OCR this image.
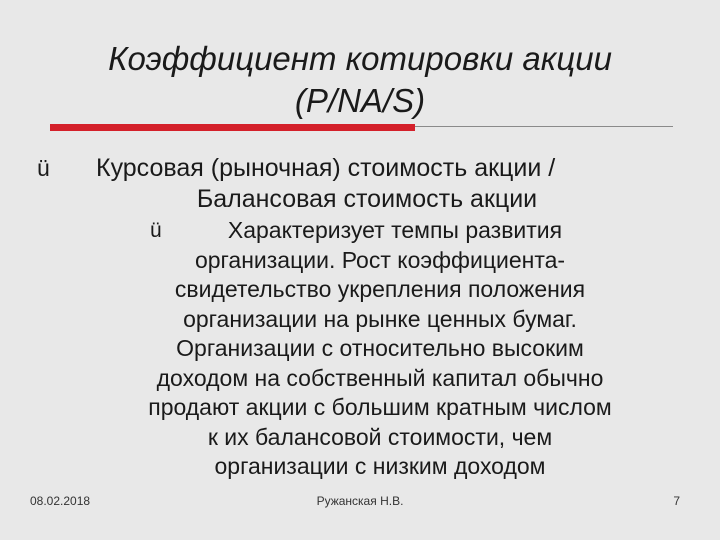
Коэффициент котировки акции
(P/NA/S)
ü Курсовая (рыночная) стоимость акции /
Балансовая стоимость акции
ü	Характеризует темпы развития
организации. Рост коэффициента-
свидетельство укрепления положения
организации на рынке ценных бумаг.
Организации с относительно высоким
доходом на собственный капитал обычно
продают акции с большим кратным числом
к их балансовой стоимости, чем
организации с низким доходом
08.02.2018	Ружанская Н.В.	7
